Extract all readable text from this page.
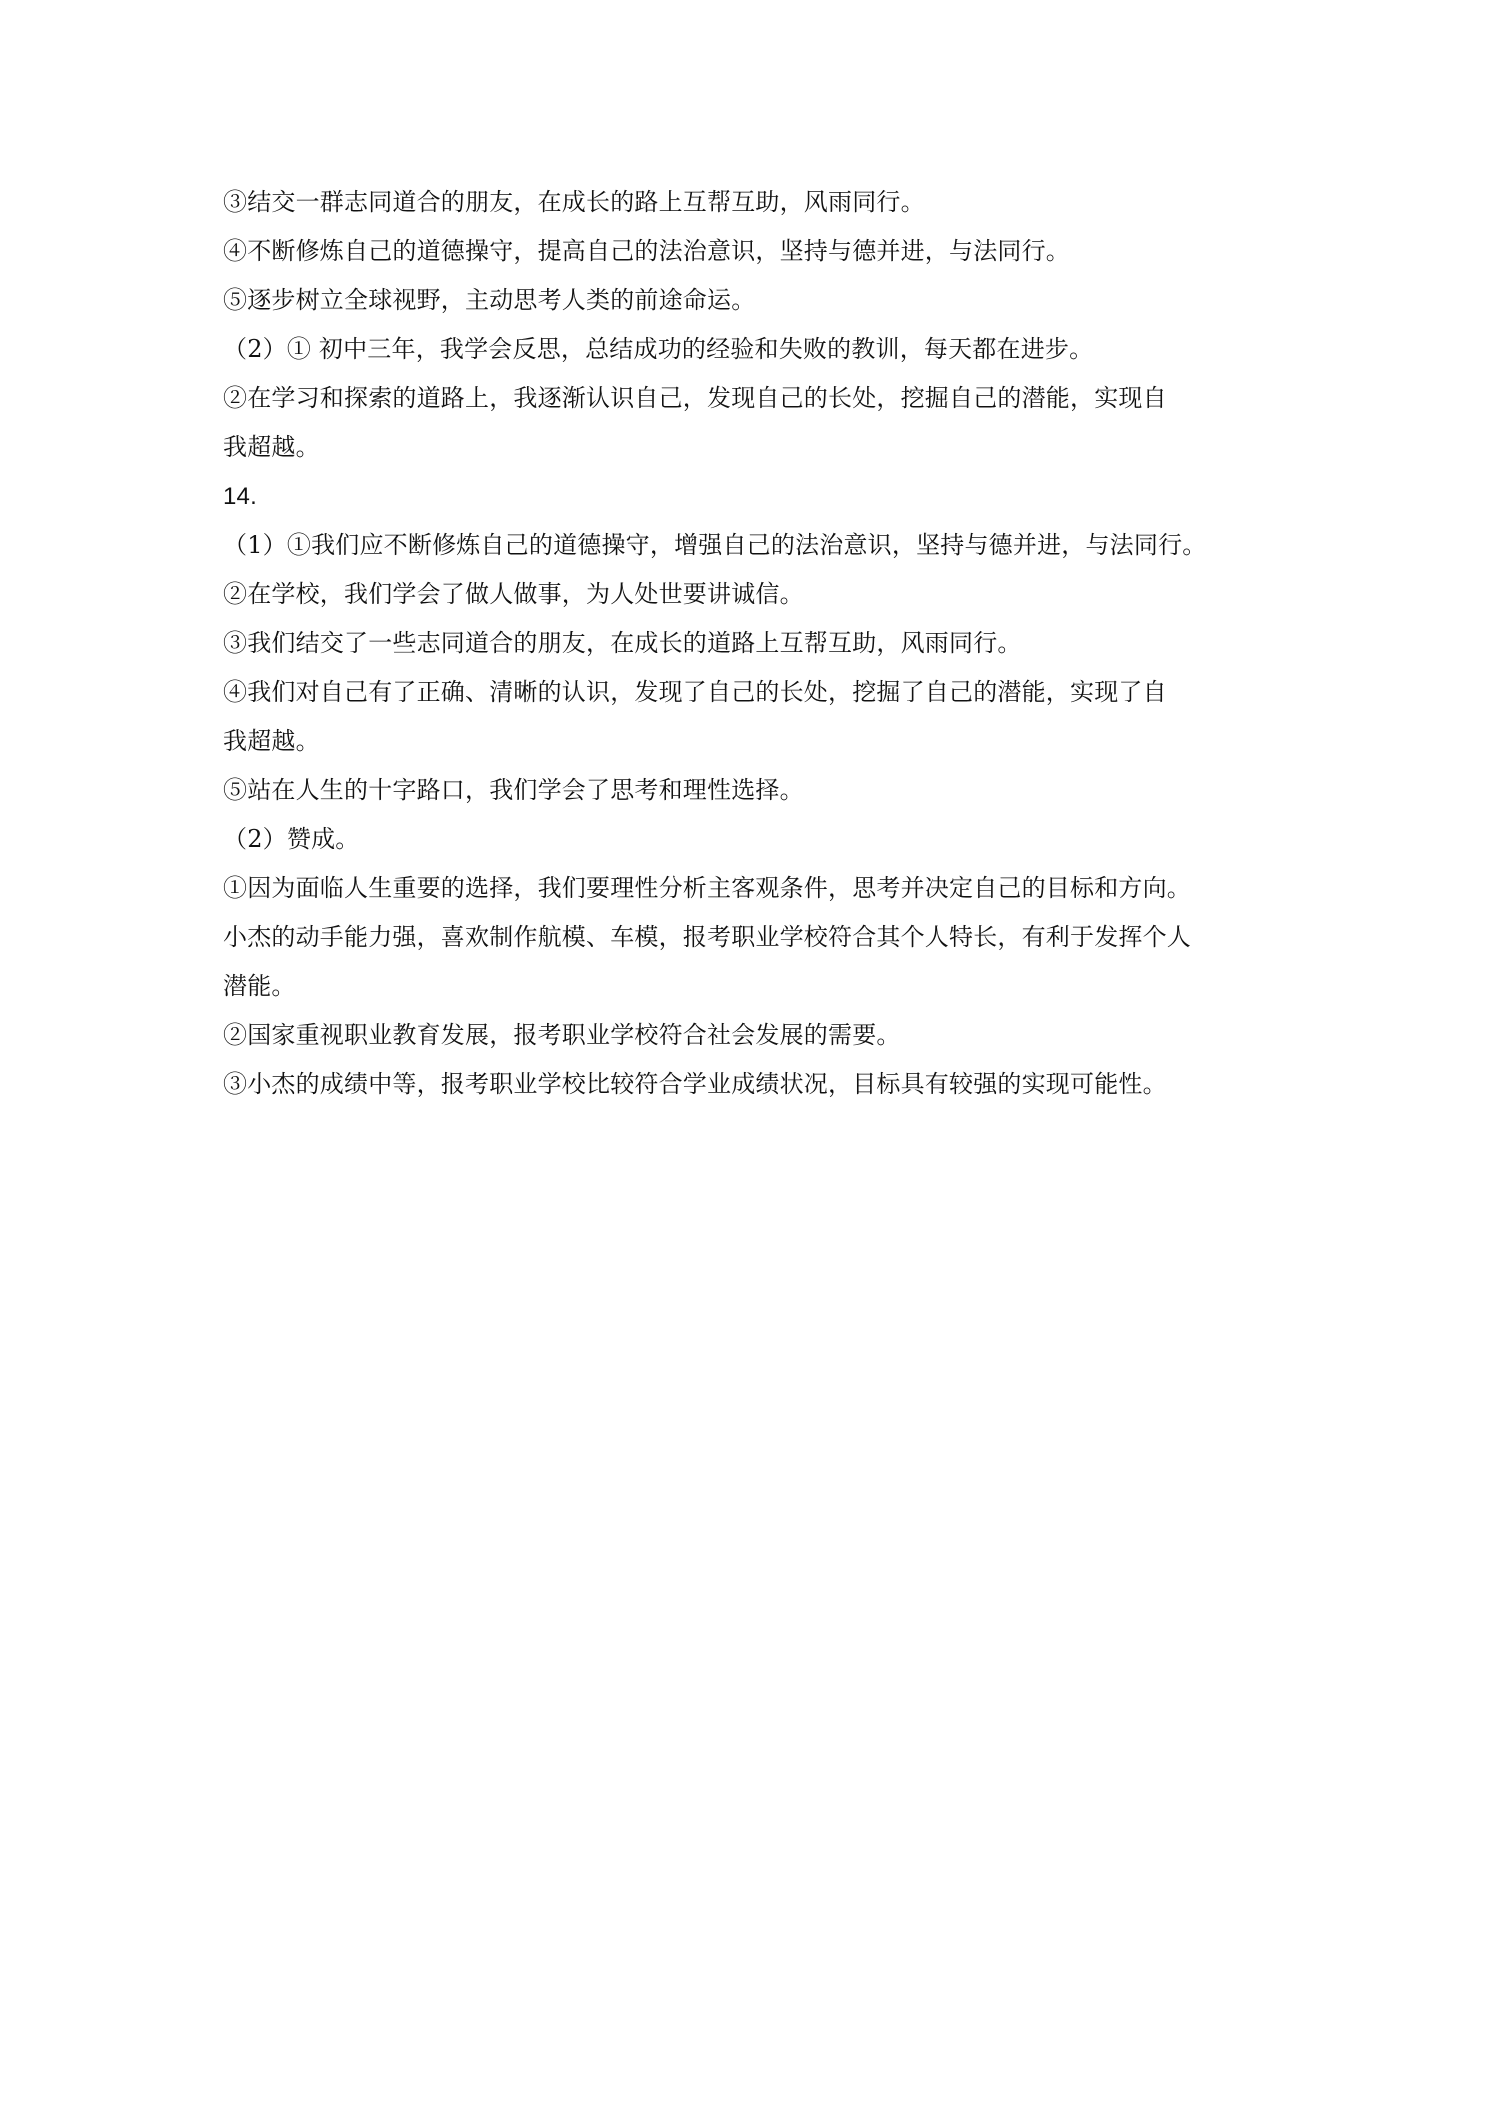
③结交一群志同道合的朋友，在成长的路上互帮互助，风雨同行。
④不断修炼自己的道德操守，提高自己的法治意识，坚持与德并进，与法同行。
⑤逐步树立全球视野，主动思考人类的前途命运。
（2）① 初中三年，我学会反思，总结成功的经验和失败的教训，每天都在进步。
②在学习和探索的道路上，我逐渐认识自己，发现自己的长处，挖掘自己的潜能，实现自
我超越。
14.
（1）①我们应不断修炼自己的道德操守，增强自己的法治意识，坚持与德并进，与法同行。
②在学校，我们学会了做人做事，为人处世要讲诚信。
③我们结交了一些志同道合的朋友，在成长的道路上互帮互助，风雨同行。
④我们对自己有了正确、清晰的认识，发现了自己的长处，挖掘了自己的潜能，实现了自
我超越。
⑤站在人生的十字路口，我们学会了思考和理性选择。
（2）赞成。
①因为面临人生重要的选择，我们要理性分析主客观条件，思考并决定自己的目标和方向。
小杰的动手能力强，喜欢制作航模、车模，报考职业学校符合其个人特长，有利于发挥个人
潜能。
②国家重视职业教育发展，报考职业学校符合社会发展的需要。
③小杰的成绩中等，报考职业学校比较符合学业成绩状况，目标具有较强的实现可能性。
